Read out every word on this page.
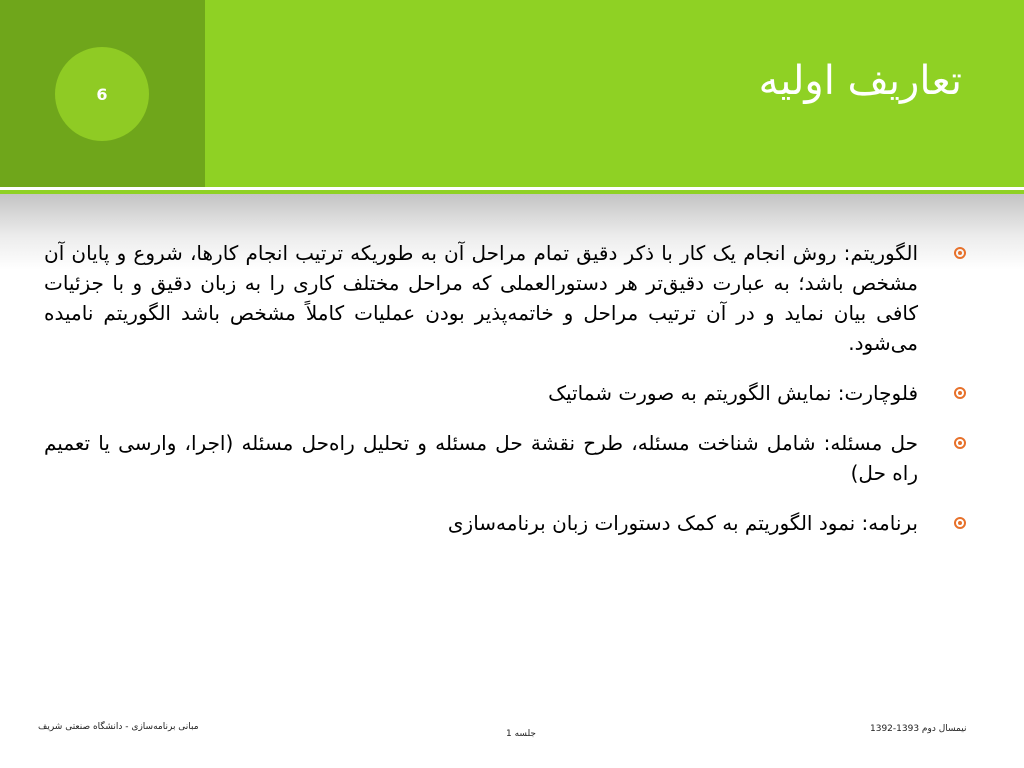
6	تعاریف اولیه
الگوریتم: روش انجام یک کار با ذکر دقیق تمام مراحل آن به طوریکه ترتیب انجام کارها، شروع و پایان آن مشخص باشد؛ به عبارت دقیق‌تر هر دستورالعملی که مراحل مختلف کاری را به زبان دقیق و با جزئیات کافی بیان نماید و در آن ترتیب مراحل و خاتمه‌پذیر بودن عملیات کاملاً مشخص باشد الگوریتم نامیده می‌شود.
فلوچارت: نمایش الگوریتم به صورت شماتیک
حل مسئله: شامل شناخت مسئله، طرح نقشة حل مسئله و تحلیل راه‌حل مسئله (اجرا، وارسی یا تعمیم راه حل)
برنامه: نمود الگوریتم به کمک دستورات زبان برنامه‌سازی
مبانی برنامه‌سازی - دانشگاه صنعتی شریف
جلسه 1	نیمسال دوم 1393-1392
